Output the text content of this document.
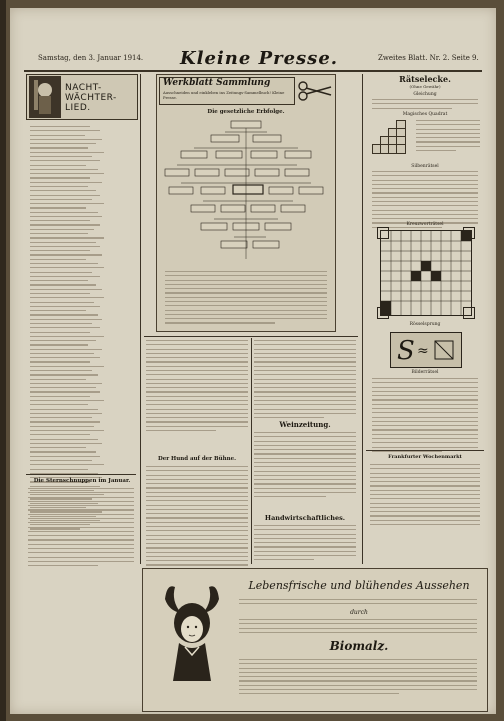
Samstag, den 3. Januar 1914. Kleine Presse.	Zweites Blatt. Nr. 2. Seite 9.
NACHT-WÄCHTER-LIED.
Die Sternschnuppen im Januar.
Werkblatt Sammlung
Ausschneiden und einkleben ins Zeitungs-Sammelbuch! Kleine Presse.
Die gesetzliche Erbfolge.
Der Hund auf der Bühne.
Weinzeitung.
Handwirtschaftliches.
Rätselecke.
(Ohne Gewähr)
Gleichung
Magisches Quadrat
Silbenrätsel
Kreuzworträtsel
Rösselsprung
S ≈
Bilderrätsel
Frankfurter Wochenmarkt
Lebensfrische und blühendes Aussehen
durch
Biomalz.
